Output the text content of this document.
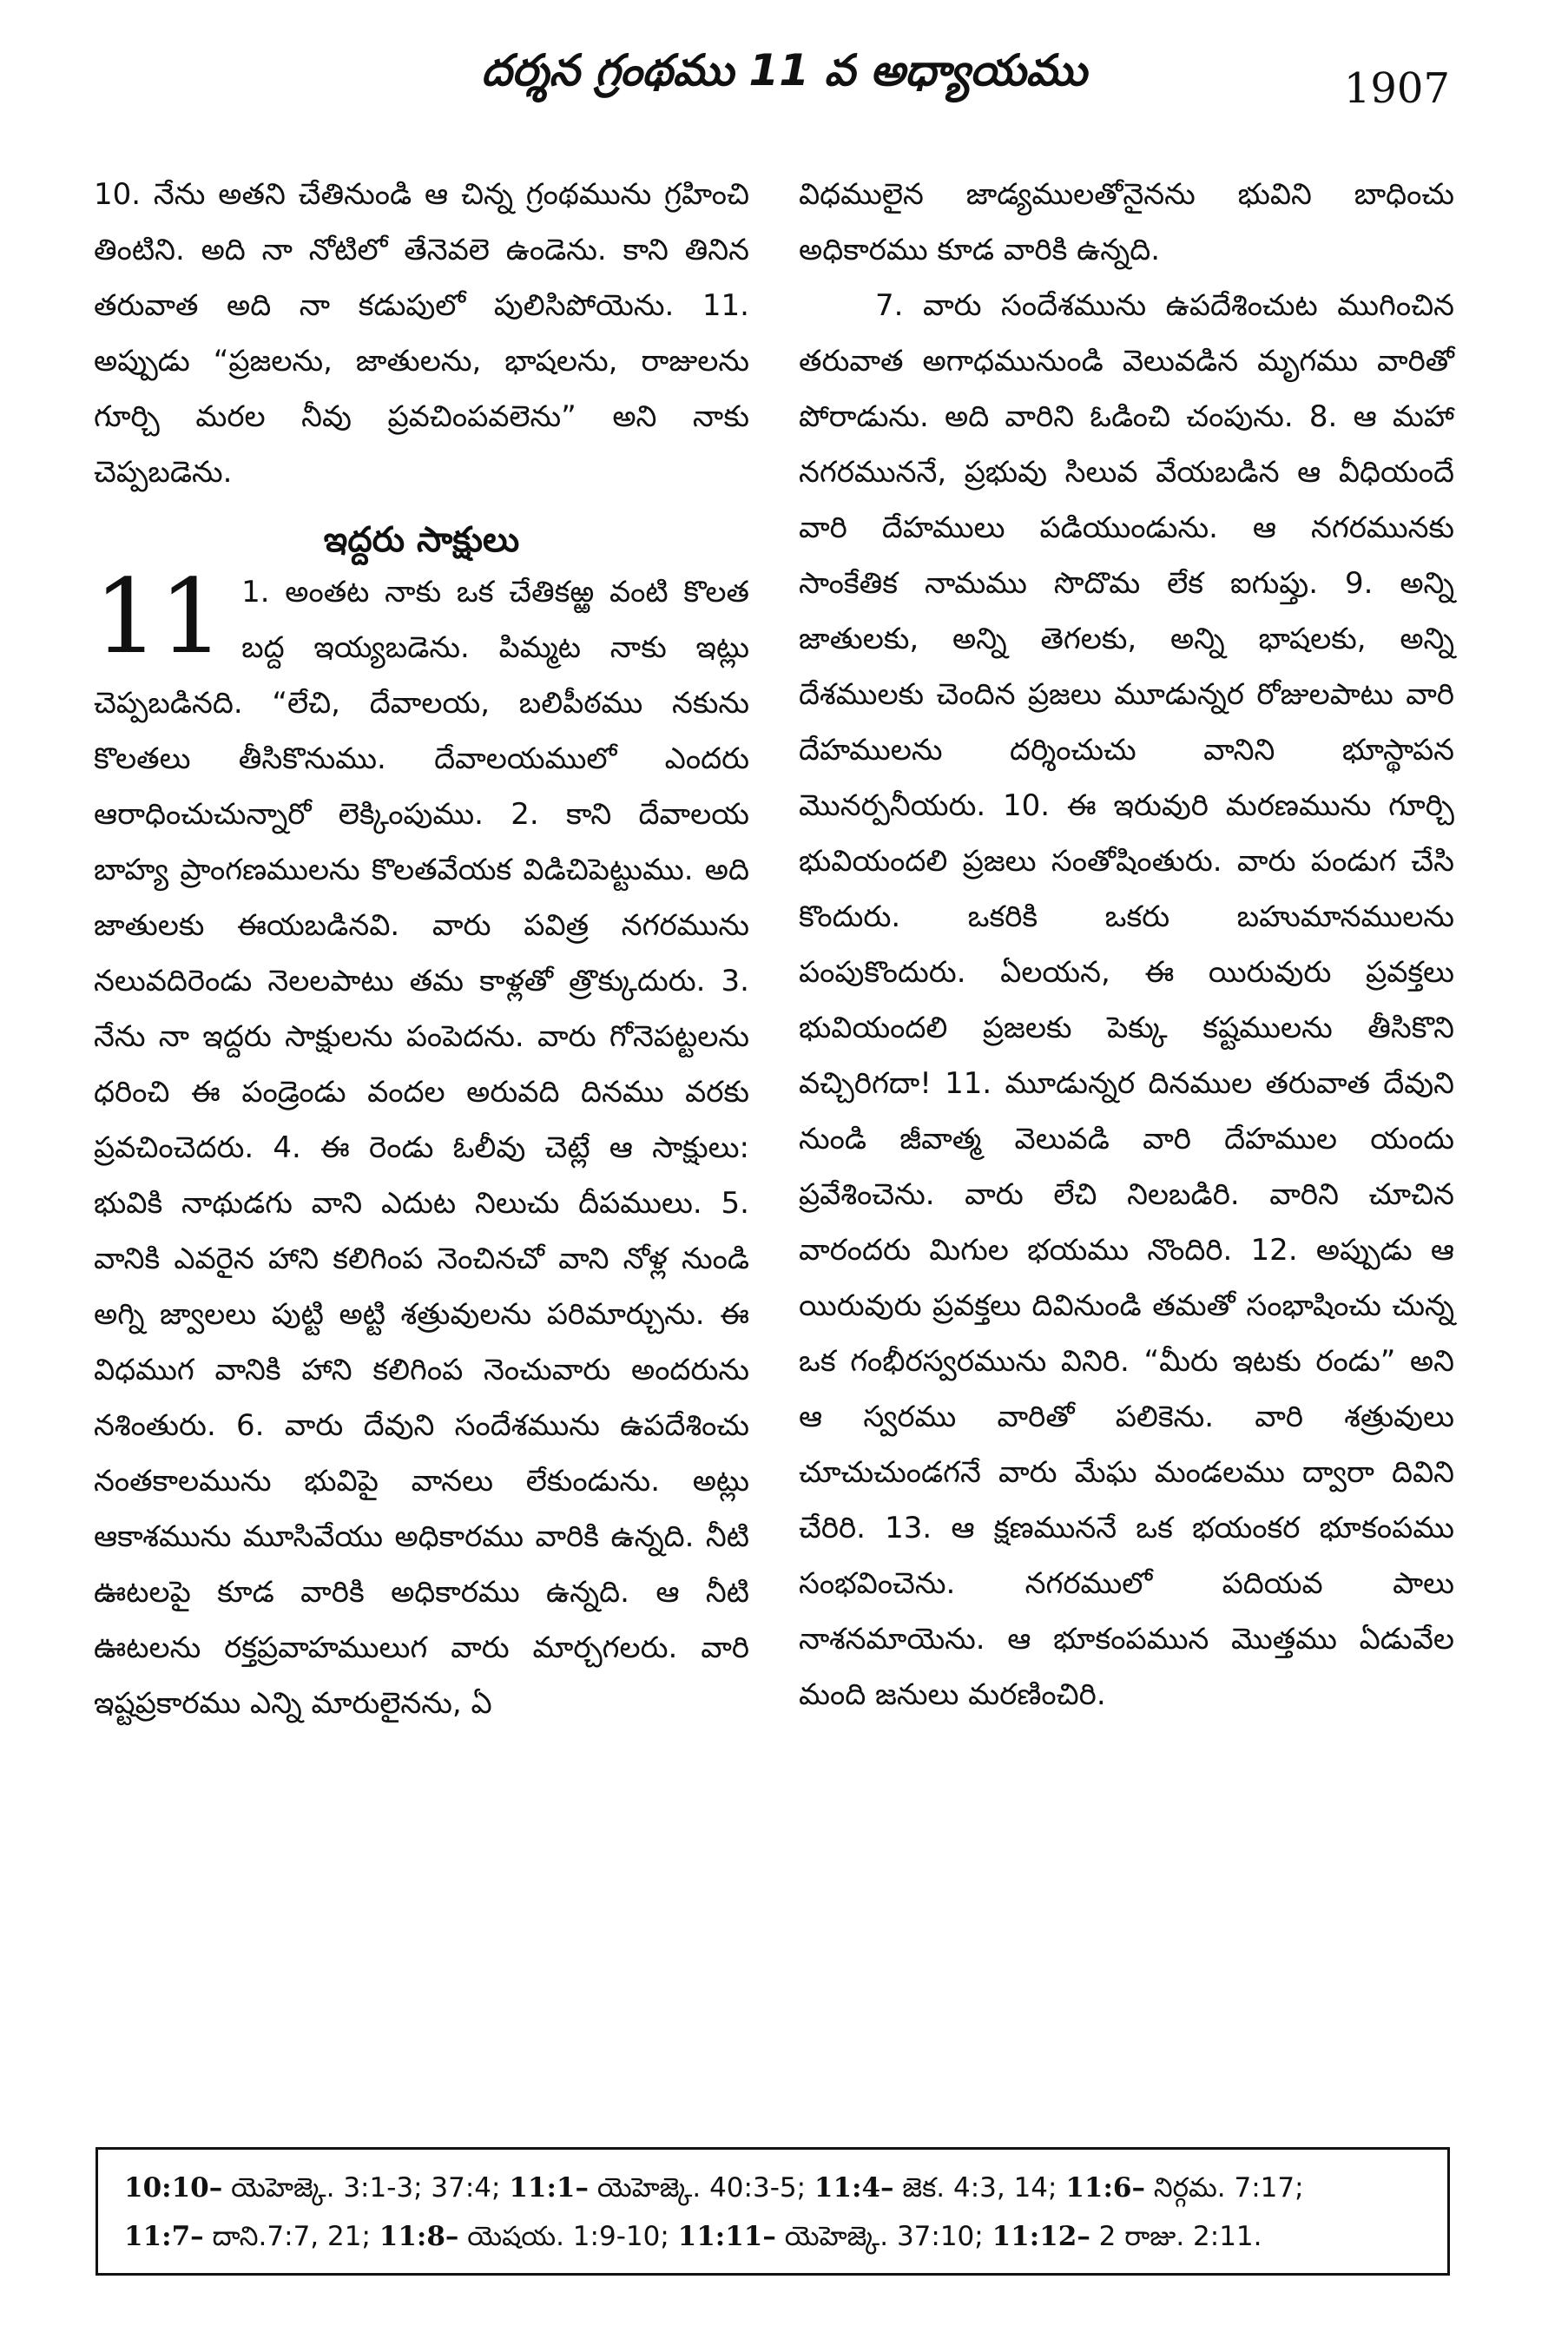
దర్శన గ్రంథము 11 వ అధ్యాయము	1907

10. నేను అతని చేతినుండి ఆ చిన్న గ్రంథమును గ్రహించి తింటిని. అది నా నోటిలో తేనెవలె ఉండెను. కాని తినిన తరువాత అది నా కడుపులో పులిసిపోయెను. 11. అప్పుడు “ప్రజలను, జాతులను, భాషలను, రాజులను గూర్చి మరల నీవు ప్రవచింపవలెను” అని నాకు చెప్పబడెను.

ఇద్దరు సాక్షులు

11 1. అంతట నాకు ఒక చేతికఱ్ఱ వంటి కొలత బద్ద ఇయ్యబడెను. పిమ్మట నాకు ఇట్లు చెప్పబడినది. “లేచి, దేవాలయ, బలిపీఠము నకును కొలతలు తీసికొనుము. దేవాలయములో ఎందరు ఆరాధించుచున్నారో లెక్కింపుము. 2. కాని దేవాలయ బాహ్య ప్రాంగణములను కొలతవేయక విడిచిపెట్టుము. అది జాతులకు ఈయబడినవి. వారు పవిత్ర నగరమును నలువదిరెండు నెలలపాటు తమ కాళ్లతో త్రొక్కుదురు. 3. నేను నా ఇద్దరు సాక్షులను పంపెదను. వారు గోనెపట్టలను ధరించి ఈ పండ్రెండు వందల అరువది దినము వరకు ప్రవచించెదరు. 4. ఈ రెండు ఓలీవు చెట్లే ఆ సాక్షులు: భువికి నాథుడగు వాని ఎదుట నిలుచు దీపములు. 5. వానికి ఎవరైన హాని కలిగింప నెంచినచో వాని నోళ్ల నుండి అగ్ని జ్వాలలు పుట్టి అట్టి శత్రువులను పరిమార్చును. ఈ విధముగ వానికి హాని కలిగింప నెంచువారు అందరును నశింతురు. 6. వారు దేవుని సందేశమును ఉపదేశించు నంతకాలమును భువిపై వానలు లేకుండును. అట్లు ఆకాశమును మూసివేయు అధికారము వారికి ఉన్నది. నీటి ఊటలపై కూడ వారికి అధికారము ఉన్నది. ఆ నీటి ఊటలను రక్తప్రవాహములుగ వారు మార్చగలరు. వారి ఇష్టప్రకారము ఎన్ని మారులైనను, ఏ

విధములైన జాడ్యములతోనైనను భువిని బాధించు అధికారము కూడ వారికి ఉన్నది.

7. వారు సందేశమును ఉపదేశించుట ముగించిన తరువాత అగాధమునుండి వెలువడిన మృగము వారితో పోరాడును. అది వారిని ఓడించి చంపును. 8. ఆ మహా నగరముననే, ప్రభువు సిలువ వేయబడిన ఆ వీధియందే వారి దేహములు పడియుండును. ఆ నగరమునకు సాంకేతిక నామము సొదొమ లేక ఐగుప్తు. 9. అన్ని జాతులకు, అన్ని తెగలకు, అన్ని భాషలకు, అన్ని దేశములకు చెందిన ప్రజలు మూడున్నర రోజులపాటు వారి దేహములను దర్శించుచు వానిని భూస్థాపన మొనర్పనీయరు. 10. ఈ ఇరువురి మరణమును గూర్చి భువియందలి ప్రజలు సంతోషింతురు. వారు పండుగ చేసి కొందురు. ఒకరికి ఒకరు బహుమానములను పంపుకొందురు. ఏలయన, ఈ యిరువురు ప్రవక్తలు భువియందలి ప్రజలకు పెక్కు కష్టములను తీసికొని వచ్చిరిగదా! 11. మూడున్నర దినముల తరువాత దేవుని నుండి జీవాత్మ వెలువడి వారి దేహముల యందు ప్రవేశించెను. వారు లేచి నిలబడిరి. వారిని చూచిన వారందరు మిగుల భయము నొందిరి. 12. అప్పుడు ఆ యిరువురు ప్రవక్తలు దివినుండి తమతో సంభాషించు చున్న ఒక గంభీరస్వరమును వినిరి. “మీరు ఇటకు రండు” అని ఆ స్వరము వారితో పలికెను. వారి శత్రువులు చూచుచుండగనే వారు మేఘ మండలము ద్వారా దివిని చేరిరి. 13. ఆ క్షణముననే ఒక భయంకర భూకంపము సంభవించెను. నగరములో పదియవ పాలు నాశనమాయెను. ఆ భూకంపమున మొత్తము ఏడువేల మంది జనులు మరణించిరి.

10:10– యెహెజ్కె. 3:1-3; 37:4; 11:1– యెహెజ్కె. 40:3-5; 11:4– జెక. 4:3, 14; 11:6– నిర్గమ. 7:17;

11:7– దాని.7:7, 21; 11:8– యెషయ. 1:9-10; 11:11– యెహెజ్కె. 37:10; 11:12– 2 రాజు. 2:11.
